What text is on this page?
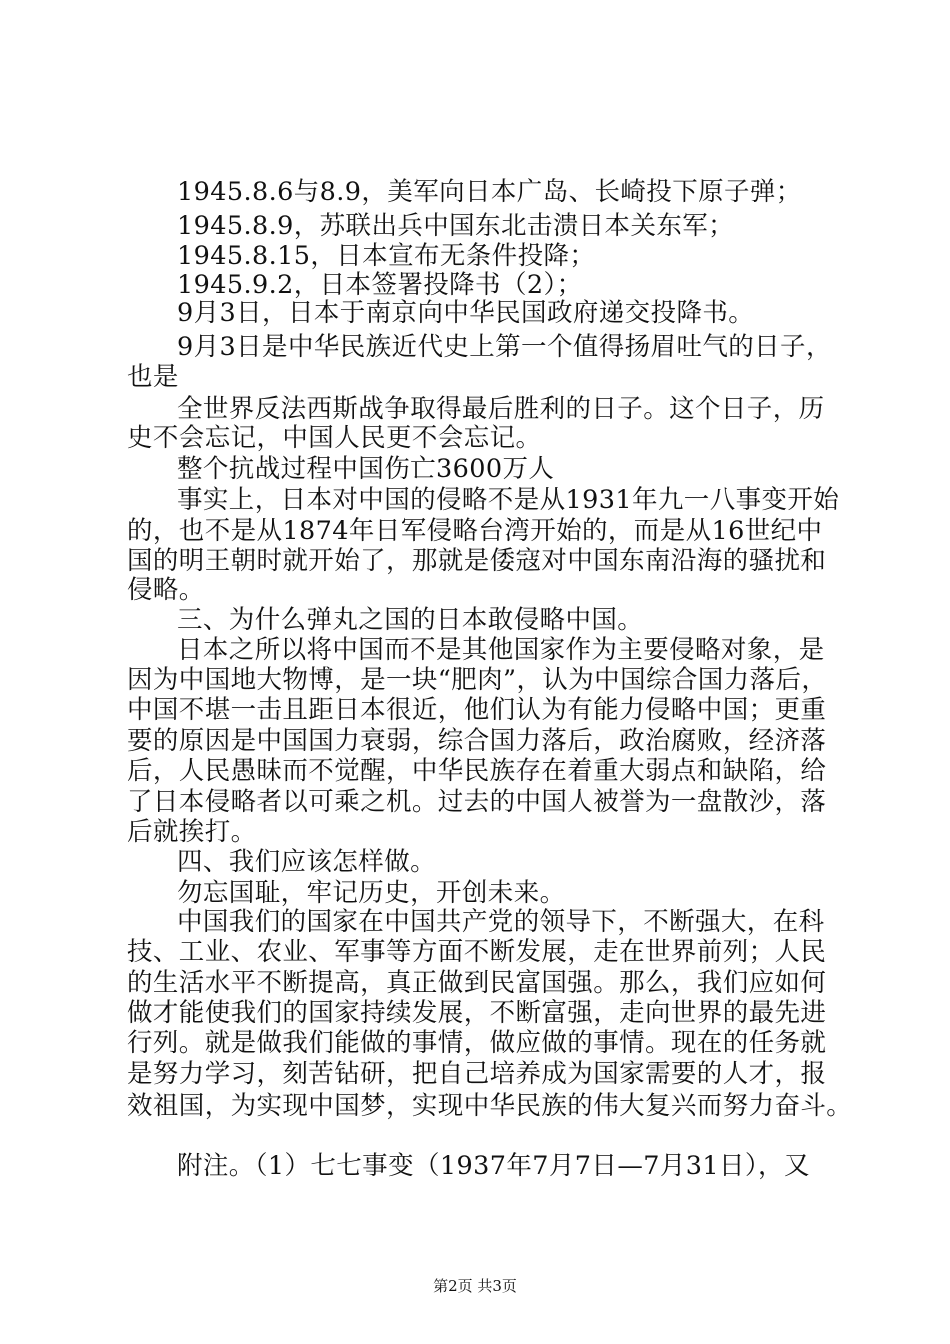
1945.8.6与8.9，美军向日本广岛、长崎投下原子弹；
1945.8.9，苏联出兵中国东北击溃日本关东军；
1945.8.15，日本宣布无条件投降；
1945.9.2，日本签署投降书（2）；
9月3日，日本于南京向中华民国政府递交投降书。
9月3日是中华民族近代史上第一个值得扬眉吐气的日子，
也是
全世界反法西斯战争取得最后胜利的日子。这个日子，历
史不会忘记，中国人民更不会忘记。
整个抗战过程中国伤亡3600万人
事实上，日本对中国的侵略不是从1931年九一八事变开始
的，也不是从1874年日军侵略台湾开始的，而是从16世纪中
国的明王朝时就开始了，那就是倭寇对中国东南沿海的骚扰和
侵略。
三、为什么弹丸之国的日本敢侵略中国。
日本之所以将中国而不是其他国家作为主要侵略对象，是
因为中国地大物博，是一块“肥肉”，认为中国综合国力落后，
中国不堪一击且距日本很近，他们认为有能力侵略中国；更重
要的原因是中国国力衰弱，综合国力落后，政治腐败，经济落
后，人民愚昧而不觉醒，中华民族存在着重大弱点和缺陷，给
了日本侵略者以可乘之机。过去的中国人被誉为一盘散沙，落
后就挨打。
四、我们应该怎样做。
勿忘国耻，牢记历史，开创未来。
中国我们的国家在中国共产党的领导下，不断强大，在科
技、工业、农业、军事等方面不断发展，走在世界前列；人民
的生活水平不断提高，真正做到民富国强。那么，我们应如何
做才能使我们的国家持续发展，不断富强，走向世界的最先进
行列。就是做我们能做的事情，做应做的事情。现在的任务就
是努力学习，刻苦钻研，把自己培养成为国家需要的人才，报
效祖国，为实现中国梦，实现中华民族的伟大复兴而努力奋斗。
附注。（1）七七事变（1937年7月7日—7月31日），又
第2页 共3页
